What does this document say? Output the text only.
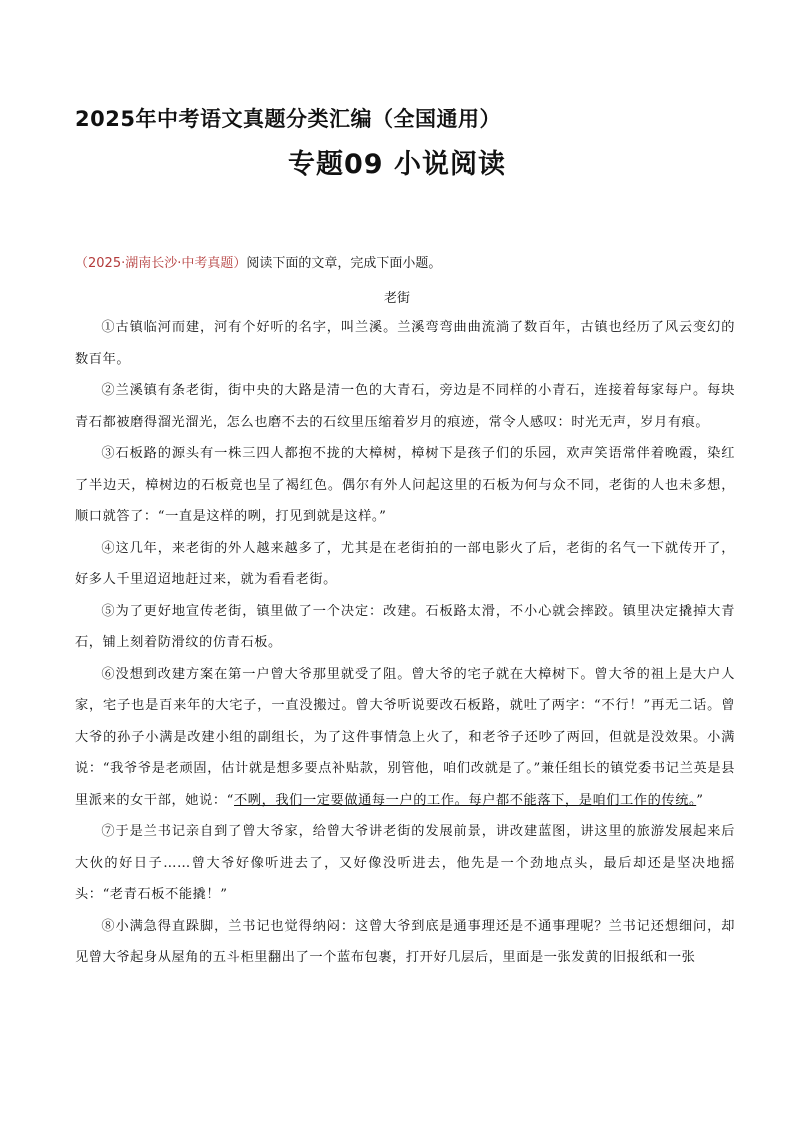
2025年中考语文真题分类汇编（全国通用）
专题09 小说阅读
（2025·湖南长沙·中考真题）阅读下面的文章，完成下面小题。
老街

①古镇临河而建，河有个好听的名字，叫兰溪。兰溪弯弯曲曲流淌了数百年，古镇也经历了风云变幻的数百年。

②兰溪镇有条老街，街中央的大路是清一色的大青石，旁边是不同样的小青石，连接着每家每户。每块青石都被磨得溜光溜光，怎么也磨不去的石纹里压缩着岁月的痕迹，常令人感叹：时光无声，岁月有痕。

③石板路的源头有一株三四人都抱不拢的大樟树，樟树下是孩子们的乐园，欢声笑语常伴着晚霞，染红了半边天，樟树边的石板竟也呈了褐红色。偶尔有外人问起这里的石板为何与众不同，老街的人也未多想，顺口就答了：“一直是这样的咧，打见到就是这样。”

④这几年，来老街的外人越来越多了，尤其是在老街拍的一部电影火了后，老街的名气一下就传开了，好多人千里迢迢地赶过来，就为看看老街。

⑤为了更好地宣传老街，镇里做了一个决定：改建。石板路太滑，不小心就会摔跤。镇里决定撬掉大青石，铺上刻着防滑纹的仿青石板。

⑥没想到改建方案在第一户曾大爷那里就受了阻。曾大爷的宅子就在大樟树下。曾大爷的祖上是大户人家，宅子也是百来年的大宅子，一直没搬过。曾大爷听说要改石板路，就吐了两字：“不行！”再无二话。曾大爷的孙子小满是改建小组的副组长，为了这件事情急上火了，和老爷子还吵了两回，但就是没效果。小满说：“我爷爷是老顽固，估计就是想多要点补贴款，别管他，咱们改就是了。”兼任组长的镇党委书记兰英是县里派来的女干部，她说：“不咧，我们一定要做通每一户的工作。每户都不能落下，是咱们工作的传统。”

⑦于是兰书记亲自到了曾大爷家，给曾大爷讲老街的发展前景，讲改建蓝图，讲这里的旅游发展起来后大伙的好日子……曾大爷好像听进去了，又好像没听进去，他先是一个劲地点头，最后却还是坚决地摇头：“老青石板不能撬！”

⑧小满急得直跺脚，兰书记也觉得纳闷：这曾大爷到底是通事理还是不通事理呢？兰书记还想细问，却见曾大爷起身从屋角的五斗柜里翻出了一个蓝布包裹，打开好几层后，里面是一张发黄的旧报纸和一张
